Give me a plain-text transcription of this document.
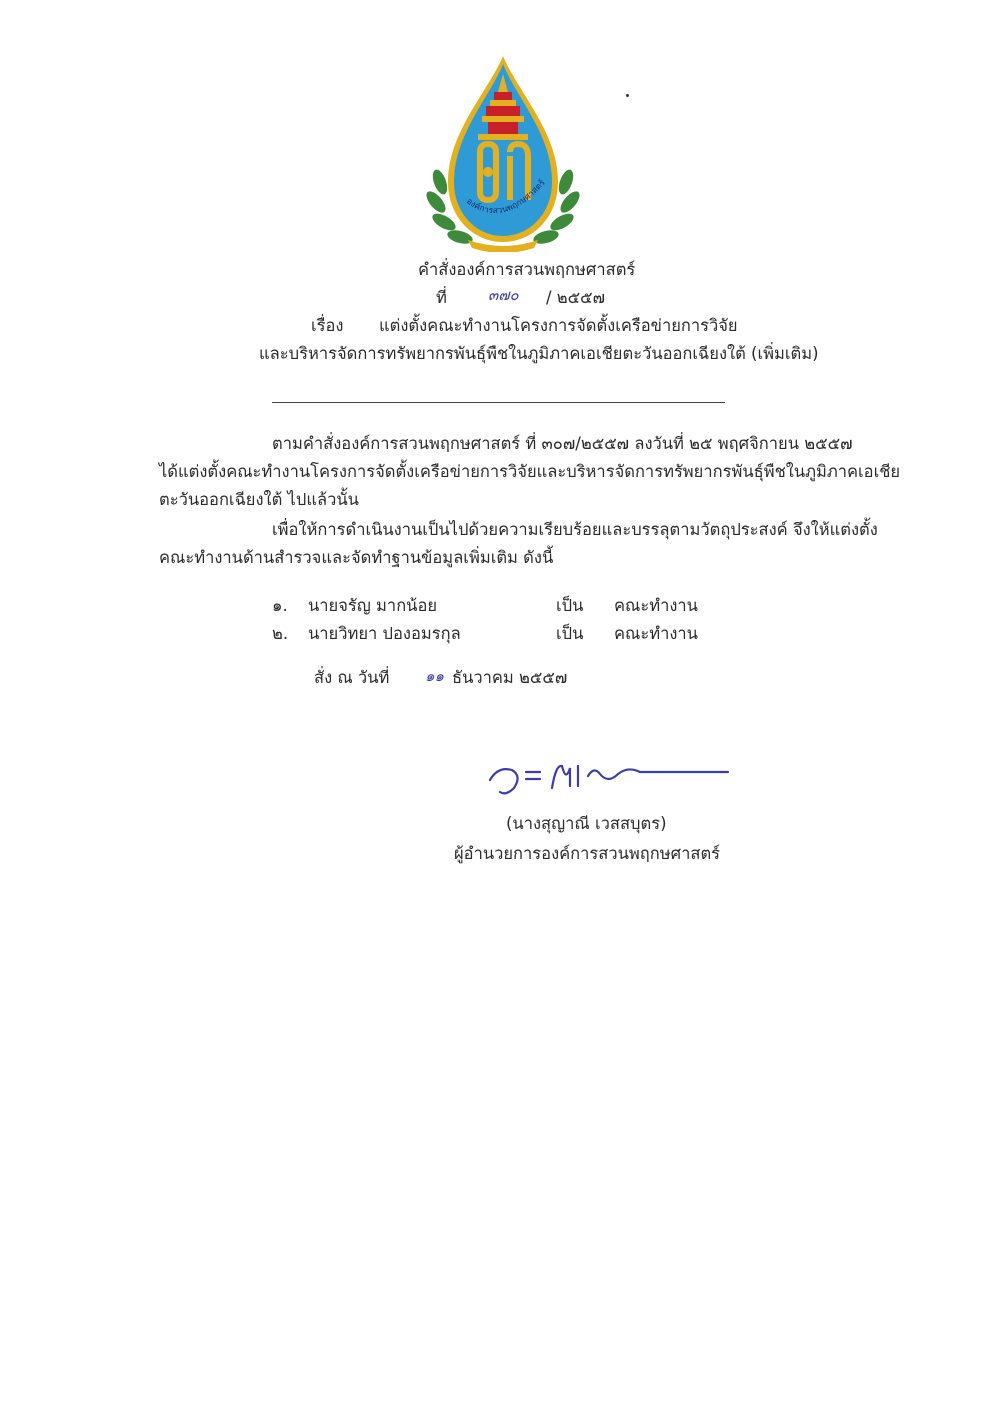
องค์การสวนพฤกษศาสตร์
คำสั่งองค์การสวนพฤกษศาสตร์
ที่	๓๗๐ / ๒๕๕๗
เรื่อง แต่งตั้งคณะทำงานโครงการจัดตั้งเครือข่ายการวิจัย
และบริหารจัดการทรัพยากรพันธุ์พืชในภูมิภาคเอเชียตะวันออกเฉียงใต้ (เพิ่มเติม)
ตามคำสั่งองค์การสวนพฤกษศาสตร์ ที่ ๓๐๗/๒๕๕๗ ลงวันที่ ๒๕ พฤศจิกายน ๒๕๕๗
ได้แต่งตั้งคณะทำงานโครงการจัดตั้งเครือข่ายการวิจัยและบริหารจัดการทรัพยากรพันธุ์พืชในภูมิภาคเอเชีย
ตะวันออกเฉียงใต้ ไปแล้วนั้น
เพื่อให้การดำเนินงานเป็นไปด้วยความเรียบร้อยและบรรลุตามวัตถุประสงค์ จึงให้แต่งตั้ง
คณะทำงานด้านสำรวจและจัดทำฐานข้อมูลเพิ่มเติม ดังนี้
๑. นายจรัญ มากน้อย	เป็น คณะทำงาน
๒. นายวิทยา ปองอมรกุล	เป็น คณะทำงาน
สั่ง ณ วันที่ ๑๑ ธันวาคม ๒๕๕๗
(นางสุญาณี เวสสบุตร)
ผู้อำนวยการองค์การสวนพฤกษศาสตร์
